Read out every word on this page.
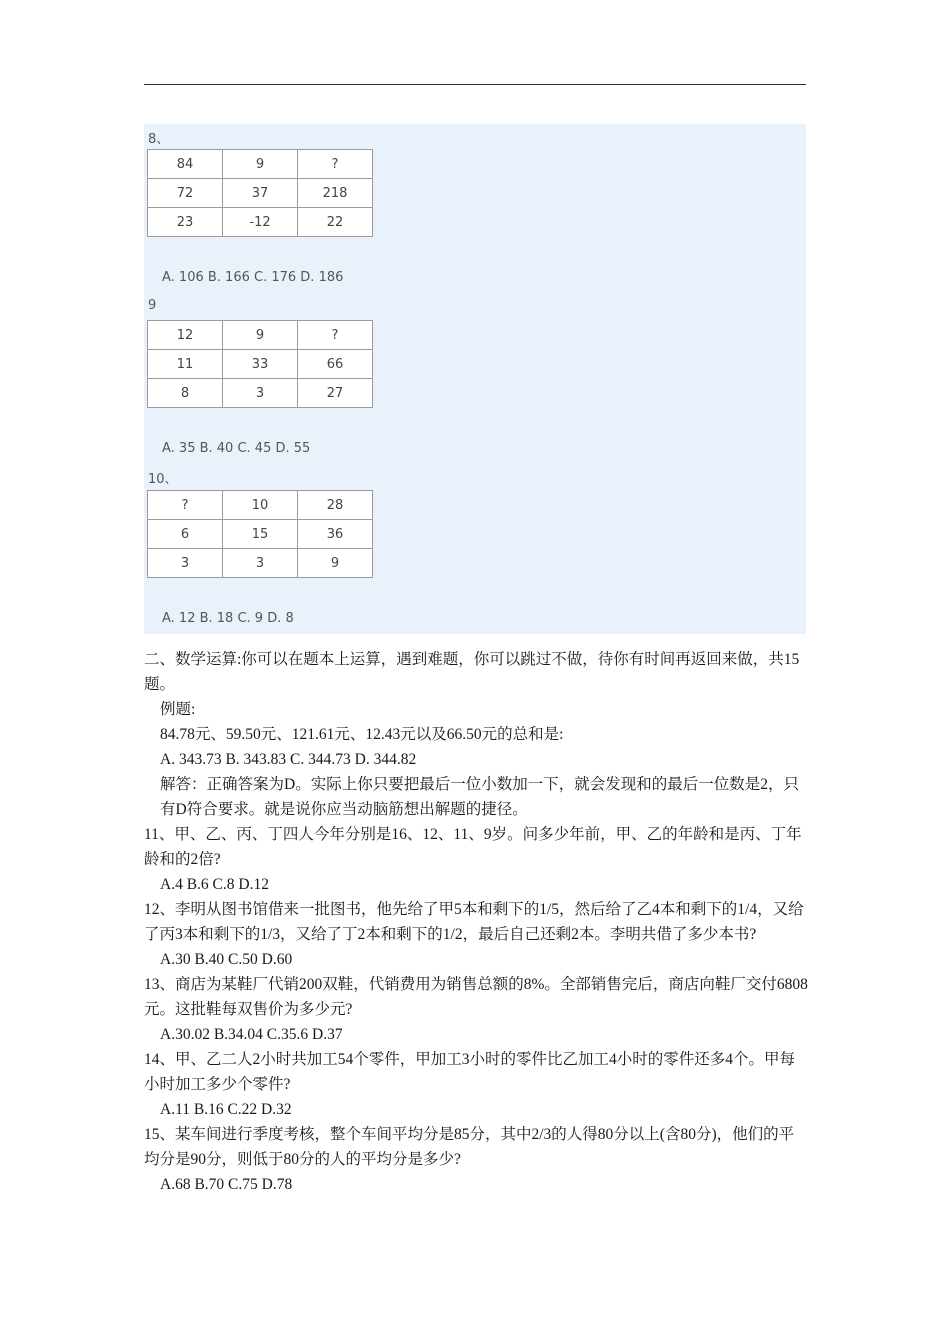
8、
84	9	?
72	37	218
23	-12	22
A. 106 B. 166 C. 176 D. 186
9
12	9	?
11	33	66
8	3	27
A. 35 B. 40 C. 45 D. 55
10、
?	10	28
6	15	36
3	3	9
A. 12 B. 18 C. 9 D. 8

二、数学运算:你可以在题本上运算，遇到难题，你可以跳过不做，待你有时间再返回来做，共15题。

例题:

84.78元、59.50元、121.61元、12.43元以及66.50元的总和是:

A. 343.73 B. 343.83 C. 344.73 D. 344.82

解答：正确答案为D。实际上你只要把最后一位小数加一下，就会发现和的最后一位数是2，只有D符合要求。就是说你应当动脑筋想出解题的捷径。

11、甲、乙、丙、丁四人今年分别是16、12、11、9岁。问多少年前，甲、乙的年龄和是丙、丁年龄和的2倍?

A.4 B.6 C.8 D.12

12、李明从图书馆借来一批图书，他先给了甲5本和剩下的1/5，然后给了乙4本和剩下的1/4，又给了丙3本和剩下的1/3，又给了丁2本和剩下的1/2，最后自己还剩2本。李明共借了多少本书?

A.30 B.40 C.50 D.60

13、商店为某鞋厂代销200双鞋，代销费用为销售总额的8%。全部销售完后，商店向鞋厂交付6808元。这批鞋每双售价为多少元?

A.30.02 B.34.04 C.35.6 D.37

14、甲、乙二人2小时共加工54个零件，甲加工3小时的零件比乙加工4小时的零件还多4个。甲每小时加工多少个零件?

A.11 B.16 C.22 D.32

15、某车间进行季度考核，整个车间平均分是85分，其中2/3的人得80分以上(含80分)，他们的平均分是90分，则低于80分的人的平均分是多少?

A.68 B.70 C.75 D.78
